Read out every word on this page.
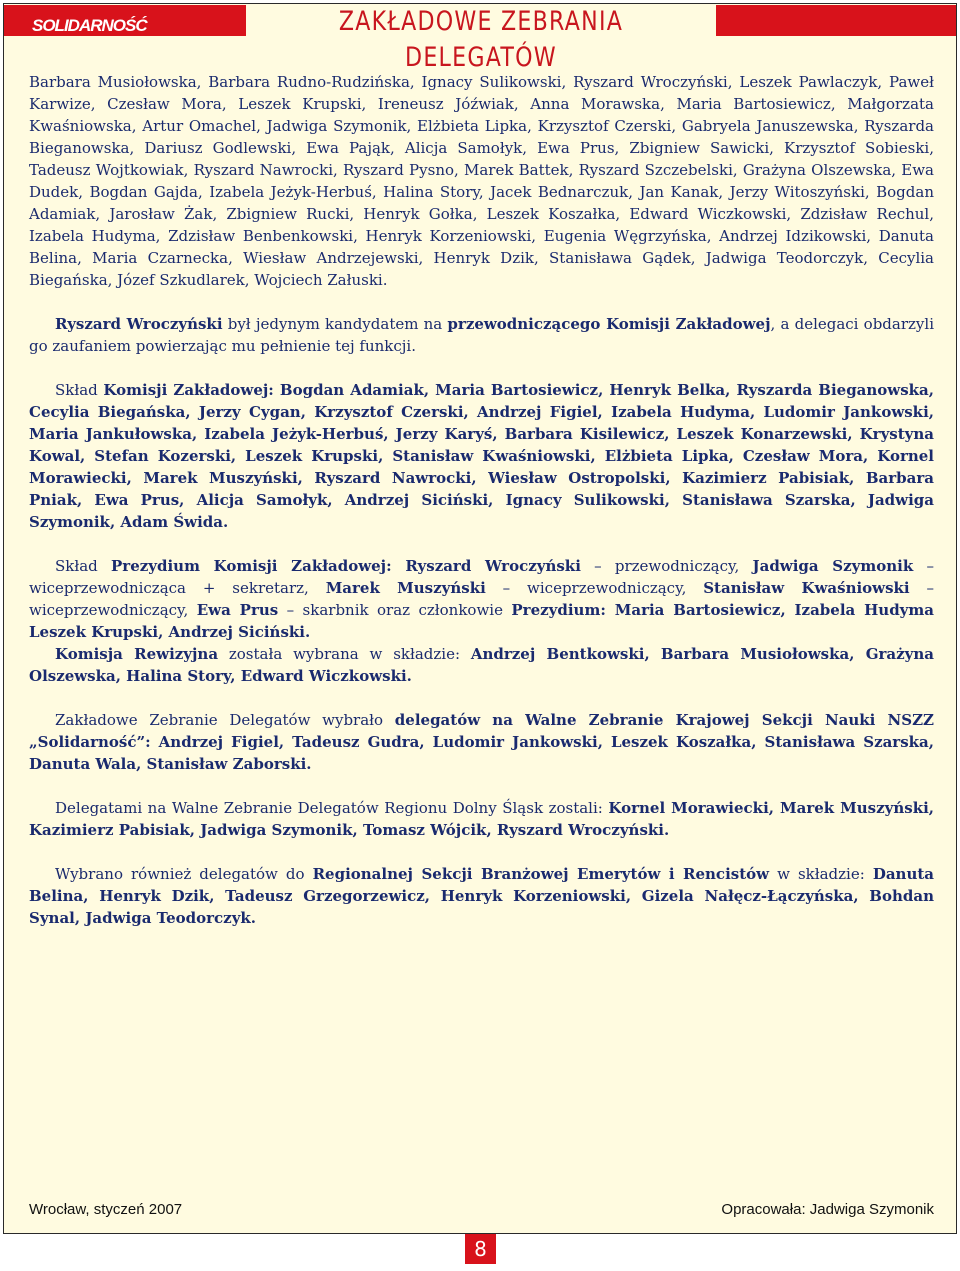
SOLIDARNOŚĆ	ZAKŁADOWE ZEBRANIA DELEGATÓW

Barbara Musiołowska, Barbara Rudno-Rudzińska, Ignacy Sulikowski, Ryszard Wroczyński, Leszek Pawlaczyk, Paweł Karwize, Czesław Mora, Leszek Krupski, Ireneusz Jóźwiak, Anna Morawska, Maria Bartosiewicz, Małgorzata Kwaśniowska, Artur Omachel, Jadwiga Szymonik, Elżbieta Lipka, Krzysztof Czerski, Gabryela Januszewska, Ryszarda Bieganowska, Dariusz Godlewski, Ewa Pająk, Alicja Samołyk, Ewa Prus, Zbigniew Sawicki, Krzysztof Sobieski, Tadeusz Wojtkowiak, Ryszard Nawrocki, Ryszard Pysno, Marek Battek, Ryszard Szczebelski, Grażyna Olszewska, Ewa Dudek, Bogdan Gajda, Izabela Jeżyk-Herbuś, Halina Story, Jacek Bednarczuk, Jan Kanak, Jerzy Witoszyński, Bogdan Adamiak, Jarosław Żak, Zbigniew Rucki, Henryk Gołka, Leszek Koszałka, Edward Wiczkowski, Zdzisław Rechul, Izabela Hudyma, Zdzisław Benbenkowski, Henryk Korzeniowski, Eugenia Węgrzyńska, Andrzej Idzikowski, Danuta Belina, Maria Czarnecka, Wiesław Andrzejewski, Henryk Dzik, Stanisława Gądek, Jadwiga Teodorczyk, Cecylia Biegańska, Józef Szkudlarek, Wojciech Załuski.

Ryszard Wroczyński był jedynym kandydatem na przewodniczącego Komisji Zakładowej, a delegaci obdarzyli go zaufaniem powierzając mu pełnienie tej funkcji.

Skład Komisji Zakładowej: Bogdan Adamiak, Maria Bartosiewicz, Henryk Belka, Ryszarda Bieganowska, Cecylia Biegańska, Jerzy Cygan, Krzysztof Czerski, Andrzej Figiel, Izabela Hudyma, Ludomir Jankowski, Maria Jankułowska, Izabela Jeżyk-Herbuś, Jerzy Karyś, Barbara Kisilewicz, Leszek Konarzewski, Krystyna Kowal, Stefan Kozerski, Leszek Krupski, Stanisław Kwaśniowski, Elżbieta Lipka, Czesław Mora, Kornel Morawiecki, Marek Muszyński, Ryszard Nawrocki, Wiesław Ostropolski, Kazimierz Pabisiak, Barbara Pniak, Ewa Prus, Alicja Samołyk, Andrzej Siciński, Ignacy Sulikowski, Stanisława Szarska, Jadwiga Szymonik, Adam Świda.

Skład Prezydium Komisji Zakładowej: Ryszard Wroczyński – przewodniczący, Jadwiga Szymonik – wiceprzewodnicząca + sekretarz, Marek Muszyński – wiceprzewodniczący, Stanisław Kwaśniowski – wiceprzewodniczący, Ewa Prus – skarbnik oraz członkowie Prezydium: Maria Bartosiewicz, Izabela Hudyma Leszek Krupski, Andrzej Siciński.

Komisja Rewizyjna została wybrana w składzie: Andrzej Bentkowski, Barbara Musiołowska, Grażyna Olszewska, Halina Story, Edward Wiczkowski.

Zakładowe Zebranie Delegatów wybrało delegatów na Walne Zebranie Krajowej Sekcji Nauki NSZZ „Solidarność”: Andrzej Figiel, Tadeusz Gudra, Ludomir Jankowski, Leszek Koszałka, Stanisława Szarska, Danuta Wala, Stanisław Zaborski.

Delegatami na Walne Zebranie Delegatów Regionu Dolny Śląsk zostali: Kornel Morawiecki, Marek Muszyński, Kazimierz Pabisiak, Jadwiga Szymonik, Tomasz Wójcik, Ryszard Wroczyński.

Wybrano również delegatów do Regionalnej Sekcji Branżowej Emerytów i Rencistów w składzie: Danuta Belina, Henryk Dzik, Tadeusz Grzegorzewicz, Henryk Korzeniowski, Gizela Nałęcz-Łączyńska, Bohdan Synal, Jadwiga Teodorczyk.

Wrocław, styczeń 2007	Opracowała: Jadwiga Szymonik
8
